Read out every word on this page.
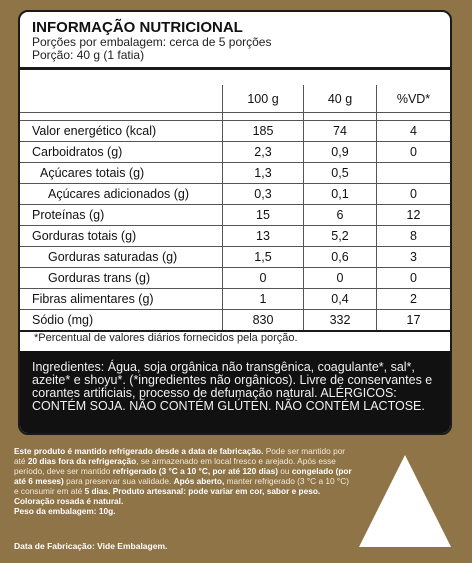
INFORMAÇÃO NUTRICIONAL
Porções por embalagem: cerca de 5 porções
Porção: 40 g (1 fatia)
	100 g	40 g	%VD*

Valor energético (kcal)	185	74	4
Carboidratos (g)	2,3	0,9	0
Açúcares totais (g)	1,3	0,5	
Açúcares adicionados (g)	0,3	0,1	0
Proteínas (g)	15	6	12
Gorduras totais (g)	13	5,2	8
Gorduras saturadas (g)	1,5	0,6	3
Gorduras trans (g)	0	0	0
Fibras alimentares (g)	1	0,4	2
Sódio (mg)	830	332	17
*Percentual de valores diários fornecidos pela porção.
Ingredientes: Água, soja orgânica não transgênica, coagulante*, sal*, azeite* e shoyu*. (*ingredientes não orgânicos). Livre de conservantes e corantes artificiais, processo de defumação natural. ALÉRGICOS: CONTÉM SOJA. NÃO CONTÉM GLÚTEN. NÃO CONTÉM LACTOSE.
Este produto é mantido refrigerado desde a data de fabricação. Pode ser mantido por até 20 dias fora da refrigeração, se armazenado em local fresco e arejado. Após esse período, deve ser mantido refrigerado (3 °C a 10 °C, por até 120 dias) ou congelado (por até 6 meses) para preservar sua validade. Após aberto, manter refrigerado (3 °C a 10 °C) e consumir em até 5 dias. Produto artesanal: pode variar em cor, sabor e peso. Coloração rosada é natural.
Peso da embalagem: 10g.
Data de Fabricação: Vide Embalagem.
